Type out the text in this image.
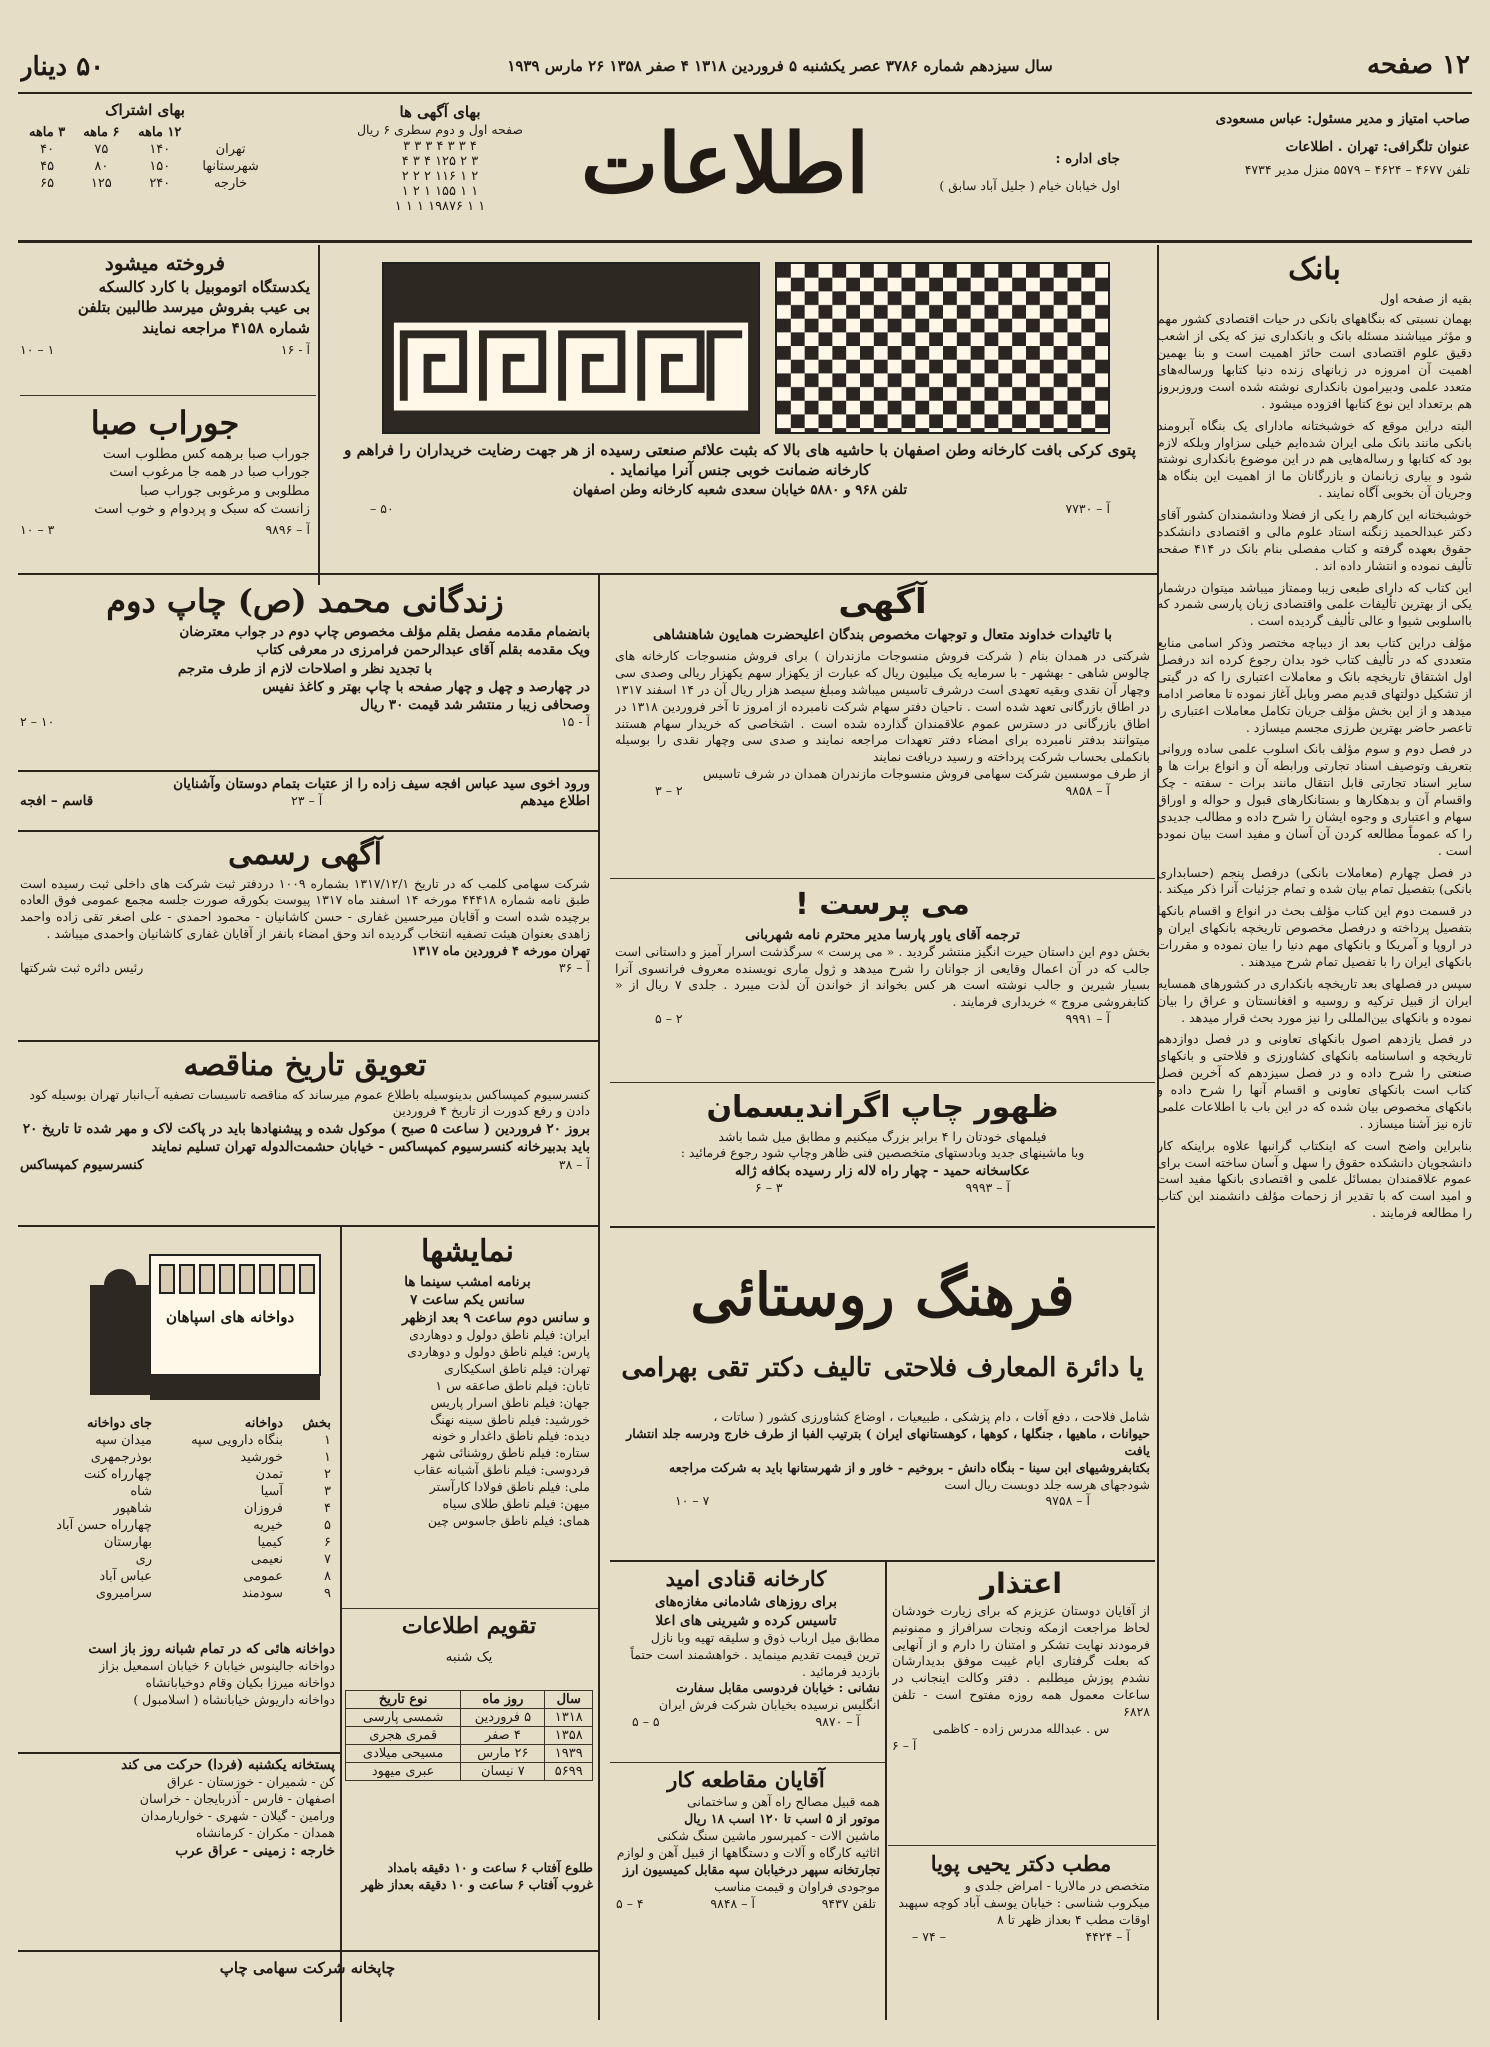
۱۲ صفحه

سال سیزدهم شماره ۳۷۸۶ عصر یکشنبه ۵ فروردین ۱۳۱۸ ۴ صفر ۱۳۵۸ ۲۶ مارس ۱۹۳۹

۵۰ دینار

صاحب امتیاز و مدیر مسئول: عباس مسعودی

عنوان تلگرافی: تهران . اطلاعات

تلفن ۴۶۷۷ – ۴۶۲۴ – ۵۵۷۹ منزل مدیر ۴۷۳۴

جای اداره :

اول خیابان خیام ( جلیل آباد سابق )

اطلاعات

بهای آگهی ها

صفحه اول و دوم سطری ۶ ریال

۴ ۳ ۳ ۴ ۳ ۳ ۳
۳ ۲ ۱۲۵ ۴ ۳ ۴
۲ ۱ ۱۱۶ ۲ ۲ ۲
۱ ۱ ۱۵۵ ۱ ۲ ۱
۱ ۱ ۱۹۸۷۶ ۱ ۱ ۱

بهای اشتراک

	۱۲ ماهه	۶ ماهه	۳ ماهه
تهران	۱۴۰	۷۵	۴۰
شهرستانها	۱۵۰	۸۰	۴۵
خارجه	۲۴۰	۱۲۵	۶۵

بانک

بقیه از صفحه اول

بهمان نسبتی که بنگاههای بانکی در حیات اقتصادی کشور مهم و مؤثر میباشند مسئله بانک و بانکداری نیز که یکی از اشعب دقیق علوم اقتصادی است حائز اهمیت است و بنا بهمین اهمیت آن امروزه در زبانهای زنده دنیا کتابها ورساله‌های متعدد علمی ودبیرامون بانکداری نوشته شده است وروزبروز هم برتعداد این نوع کتابها افزوده میشود .

البته دراین موقع که خوشبختانه مادارای یک بنگاه آبرومند بانکی مانند بانک ملی ایران شده‌ایم خیلی سزاوار وبلکه لازم بود که کتابها و رساله‌هایی هم در این موضوع بانکداری نوشته شود و بیاری زبانمان و بازرگانان ما از اهمیت این بنگاه ها وجریان آن بخوبی آگاه نمایند .

خوشبختانه این کارهم را یکی از فضلا ودانشمندان کشور آقای دکتر عبدالحمید زنگنه استاد علوم مالی و اقتصادی دانشکده حقوق بعهده گرفته و کتاب مفصلی بنام بانک در ۴۱۴ صفحه تألیف نموده و انتشار داده اند .

این کتاب که دارای طبعی زیبا وممتاز میباشد میتوان درشمار یکی از بهترین تألیفات علمی واقتصادی زبان پارسی شمرد که بااسلوبی شیوا و عالی تألیف گردیده است .

مؤلف دراین کتاب بعد از دیباچه مختصر وذکر اسامی منابع متعددی که در تألیف کتاب خود بدان رجوع کرده اند درفصل اول اشتقاق تاریخچه بانک و معاملات اعتباری را که در گیتی از تشکیل دولتهای قدیم مصر وبابل آغاز نموده تا معاصر ادامه میدهد و از این بخش مؤلف جریان تکامل معاملات اعتباری را تاعصر حاضر بهترین طرزی مجسم میسازد .

در فصل دوم و سوم مؤلف بانک اسلوب علمی ساده وروانی بتعریف وتوصیف اسناد تجارتی ورابطه آن و انواع برات ها و سایر اسناد تجارتی قابل انتقال مانند برات - سفته - چک واقسام آن و بدهکارها و بستانکارهای قبول و حواله و اوراق سهام و اعتباری و وجوه ایشان را شرح داده و مطالب جدیدی را که عموماً مطالعه کردن آن آسان و مفید است بیان نموده است .

در فصل چهارم (معاملات بانکی) درفصل پنجم (حسابداری بانکی) بتفصیل تمام بیان شده و تمام جزئیات آنرا ذکر میکند .

در قسمت دوم این کتاب مؤلف بحث در انواع و اقسام بانکها بتفصیل پرداخته و درفصل مخصوص تاریخچه بانکهای ایران و در اروپا و آمریکا و بانکهای مهم دنیا را بیان نموده و مقررات بانکهای ایران را با تفصیل تمام شرح میدهند .

سپس در فصلهای بعد تاریخچه بانکداری در کشورهای همسایه ایران از قبیل ترکیه و روسیه و افغانستان و عراق را بیان نموده و بانکهای بین‌المللی را نیز مورد بحث قرار میدهد .

در فصل یازدهم اصول بانکهای تعاونی و در فصل دوازدهم تاریخچه و اساسنامه بانکهای کشاورزی و فلاحتی و بانکهای صنعتی را شرح داده و در فصل سیزدهم که آخرین فصل کتاب است بانکهای تعاونی و اقسام آنها را شرح داده و بانکهای مخصوص بیان شده که در این باب با اطلاعات علمی تازه نیز آشنا میسازد .

بنابراین واضح است که اینکتاب گرانبها علاوه براینکه کار دانشجویان دانشکده حقوق را سهل و آسان ساخته است برای عموم علاقمندان بمسائل علمی و اقتصادی بانکها مفید است و امید است که با تقدیر از زحمات مؤلف دانشمند این کتاب را مطالعه فرمایند .

فروخته میشود

یکدستگاه اتوموبیل با کارد کالسکه

بی عیب بفروش میرسد طالبین بتلفن

شماره ۴۱۵۸ مراجعه نمایند

آ - ۱۶
۱ – ۱۰

جوراب صبا

جوراب صبا برهمه کس مطلوب است

جوراب صبا در همه جا مرغوب است

مطلوبی و مرغوبی جوراب صبا

زانست که سبک و پردوام و خوب است

آ – ۹۸۹۶
۳ – ۱۰

پتوی کرکی بافت کارخانه وطن اصفهان با حاشیه های بالا که بثبت علائم صنعتی رسیده از هر جهت رضایت خریداران را فراهم و کارخانه ضمانت خوبی جنس آنرا میانماید .

تلفن ۹۶۸ و ۵۸۸۰ خیابان سعدی شعبه کارخانه وطن اصفهان

آ – ۷۷۳۰
۵۰ –

آگهی

با تائیدات خداوند متعال و توجهات مخصوص بندگان اعلیحضرت همایون شاهنشاهی

شرکتی در همدان بنام ( شرکت فروش منسوجات مازندران ) برای فروش منسوجات کارخانه های چالوس شاهی - بهشهر - با سرمایه یک میلیون ریال که عبارت از یکهزار سهم یکهزار ریالی وصدی سی وچهار آن نقدی وبقیه تعهدی است درشرف تاسیس میباشد ومبلغ سیصد هزار ریال آن در ۱۴ اسفند ۱۳۱۷ در اطاق بازرگانی تعهد شده است . ناحیان دفتر سهام شرکت نامبرده از امروز تا آخر فروردین ۱۳۱۸ در اطاق بازرگانی در دسترس عموم علاقمندان گذارده شده است . اشخاصی که خریدار سهام هستند میتوانند بدفتر نامبرده برای امضاء دفتر تعهدات مراجعه نمایند و صدی سی وچهار نقدی را بوسیله بانکملی بحساب شرکت پرداخته و رسید دریافت نمایند

از طرف موسسین شرکت سهامی فروش منسوجات مازندران همدان در شرف تاسیس

آ – ۹۸۵۸
۲ – ۳

می پرست !

ترجمه آقای یاور پارسا مدیر محترم نامه شهربانی

بخش دوم این داستان حیرت انگیز منتشر گردید . « می پرست » سرگذشت اسرار آمیز و داستانی است جالب که در آن اعمال وقایعی از جوانان را شرح میدهد و ژول ماری نویسنده معروف فرانسوی آنرا بسیار شیرین و جالب نوشته است هر کس بخواند از خواندن آن لذت میبرد . جلدی ۷ ریال از « کتابفروشی مروج » خریداری فرمایند .

آ – ۹۹۹۱
۲ – ۵

ظهور چاپ اگراندیسمان

فیلمهای خودتان را ۴ برابر بزرگ میکنیم و مطابق میل شما باشد

وبا ماشینهای جدید وبادستهای متخصصین فنی ظاهر وچاپ شود رجوع فرمائید :

عکاسخانه حمید - چهار راه لاله زار رسیده بکافه ژاله

آ – ۹۹۹۳
۳ – ۶

فرهنگ روستائی

یا دائرة المعارف فلاحتی
تالیف دکتر تقی بهرامی

شامل فلاحت ، دفع آفات ، دام پزشکی ، طبیعیات ، اوضاع کشاورزی کشور ( ساتات ،

حیوانات ، ماهیها ، جنگلها ، کوهها ، کوهستانهای ایران ) بترتیب الفبا از طرف خارج ودرسه جلد انتشار یافت

بکتابفروشیهای ابن سینا - بنگاه دانش - بروخیم - خاور و از شهرستانها باید به شرکت مراجعه

شودجهای هرسه جلد دوبست ریال است

آ – ۹۷۵۸
۷ – ۱۰

کارخانه قنادی امید

برای روزهای شادمانی مغازه‌های

تاسیس کرده و شیرینی های اعلا

مطابق میل ارباب ذوق و سلیقه تهیه وبا نازل

ترین قیمت تقدیم مینماید . خواهشمند است حتماً بازدید فرمائید .

نشانی : خیابان فردوسی مقابل سفارت

انگلیس نرسیده بخیابان شرکت فرش ایران

آ – ۹۸۷۰
۵ – ۵

آقایان مقاطعه کار

همه قبیل مصالح راه آهن و ساختمانی

موتور از ۵ اسب تا ۱۲۰ اسب ۱۸ ریال

ماشین الات - کمپرسور ماشین سنگ شکنی

اثاثیه کارگاه و آلات و دستگاهها از قبیل آهن و لوازم

تجارتخانه سپهر درخیابان سپه مقابل کمیسیون ارز

موجودی فراوان و قیمت مناسب

تلفن ۹۴۳۷
آ – ۹۸۴۸
۴ – ۵

اعتذار

از آقایان دوستان عزیزم که برای زیارت خودشان لحاظ مراجعت ازمکه ونجات سرافراز و ممنونیم فرمودند نهایت تشکر و امتنان را دارم و از آنهایی که بعلت گرفتاری ایام غیبت موفق بدیدارشان نشدم پوزش میطلبم . دفتر وکالت اینجانب در ساعات معمول همه روزه مفتوح است - تلفن ۶۸۲۸

س . عبدالله مدرس زاده - کاظمی

آ – ۶

مطب دکتر یحیی پویا

متخصص در مالاریا - امراض جلدی و

میکروب شناسی : خیابان یوسف آباد کوچه سپهبد

اوقات مطب ۴ بعداز ظهر تا ۸

آ – ۴۴۲۴
– ۷۴ –

زندگانی محمد (ص) چاپ دوم

بانضمام مقدمه مفصل بقلم مؤلف مخصوص چاپ دوم در جواب معترضان

ویک مقدمه بقلم آقای عبدالرحمن فرامرزی در معرفی کتاب

با تجدید نظر و اصلاحات لازم از طرف مترجم

در چهارصد و چهل و چهار صفحه با چاپ بهتر و کاغذ نفیس

وصحافی زیبا ر منتشر شد قیمت ۳۰ ریال

آ - ۱۵
۱۰ – ۲

ورود اخوی سید عباس افجه سیف زاده را از عتبات بتمام دوستان وآشنایان

اطلاع میدهم
آ – ۲۳
قاسم – افجه

آگهی رسمی

شرکت سهامی کلمب که در تاریخ ۱۳۱۷/۱۲/۱ بشماره ۱۰۰۹ دردفتر ثبت شرکت های داخلی ثبت رسیده است طبق نامه شماره ۴۴۴۱۸ مورخه ۱۴ اسفند ماه ۱۳۱۷ پیوست بکورقه صورت جلسه مجمع عمومی فوق العاده برچیده شده است و آقایان میرحسین غفاری - حسن کاشانیان - محمود احمدی - علی اصغر تقی زاده واحمد زاهدی بعنوان هیئت تصفیه انتخاب گردیده اند وحق امضاء بانفر از آقایان غفاری کاشانیان واحمدی میباشد .

تهران مورخه ۴ فروردین ماه ۱۳۱۷

آ – ۳۶
رئیس دائره ثبت شرکتها

تعویق تاریخ مناقصه

کنسرسیوم کمپساکس بدینوسیله باطلاع عموم میرساند که مناقصه تاسیسات تصفیه آب‌انبار تهران بوسیله کود دادن و رفع کدورت از تاریخ ۴ فروردین

بروز ۲۰ فروردین ( ساعت ۵ صبح ) موکول شده و پیشنهادها باید در پاکت لاک و مهر شده تا تاریخ ۲۰ باید بدبیرخانه کنسرسیوم کمپساکس - خیابان حشمت‌الدوله تهران تسلیم نمایند

آ – ۳۸
کنسرسیوم کمپساکس

دواخانه های اسپاهان

بخش	دواخانه	جای دواخانه
۱	بنگاه دارویی سپه	میدان سپه
۱	خورشید	بوذرجمهری
۲	تمدن	چهارراه کنت
۳	آسیا	شاه
۴	فروزان	شاهپور
۵	خیریه	چهارراه حسن آباد
۶	کیمیا	بهارستان
۷	نعیمی	ری
۸	عمومی	عباس آباد
۹	سودمند	سرامیروی

دواخانه هائی که در تمام شبانه روز باز است

دواخانه جالینوس خیابان ۶ خیابان اسمعیل بزاز

دواخانه میرزا بکیان وقام دوخیابانشاه

دواخانه داریوش خیابانشاه ( اسلامبول )

پستخانه یکشنبه (فردا) حرکت می کند

کن - شمیران - خوزستان - عراق

اصفهان - فارس - آذربایجان - خراسان

ورامین - گیلان - شهری - خواربارمدان

همدان - مکران - کرمانشاه

خارجه : زمینی - عراق عرب

نمایشها

برنامه امشب سینما ها

سانس یکم ساعت ۷

و سانس دوم ساعت ۹ بعد ازظهر

ایران: فیلم ناطق دولول و دوهاردی

پارس: فیلم ناطق دولول و دوهاردی

تهران: فیلم ناطق اسکیکاری

تابان: فیلم ناطق صاعقه س ۱

جهان: فیلم ناطق اسرار پاریس

خورشید: فیلم ناطق سینه نهنگ

دیده: فیلم ناطق داغدار و خونه

ستاره: فیلم ناطق روشنائی شهر

فردوسی: فیلم ناطق آشیانه عقاب

ملی: فیلم ناطق فولادا کارآستر

میهن: فیلم ناطق طلای سیاه

همای: فیلم ناطق جاسوس چین

تقویم اطلاعات

یک شنبه

سال	روز ماه	نوع تاریخ
۱۳۱۸	۵ فروردین	شمسی پارسی
۱۳۵۸	۴ صفر	قمری هجری
۱۹۳۹	۲۶ مارس	مسیحی میلادی
۵۶۹۹	۷ نیسان	عبری میهود

طلوع آفتاب ۶ ساعت و ۱۰ دقیقه بامداد

غروب آفتاب ۶ ساعت و ۱۰ دقیقه بعداز ظهر

چاپخانه شرکت سهامی چاپ
